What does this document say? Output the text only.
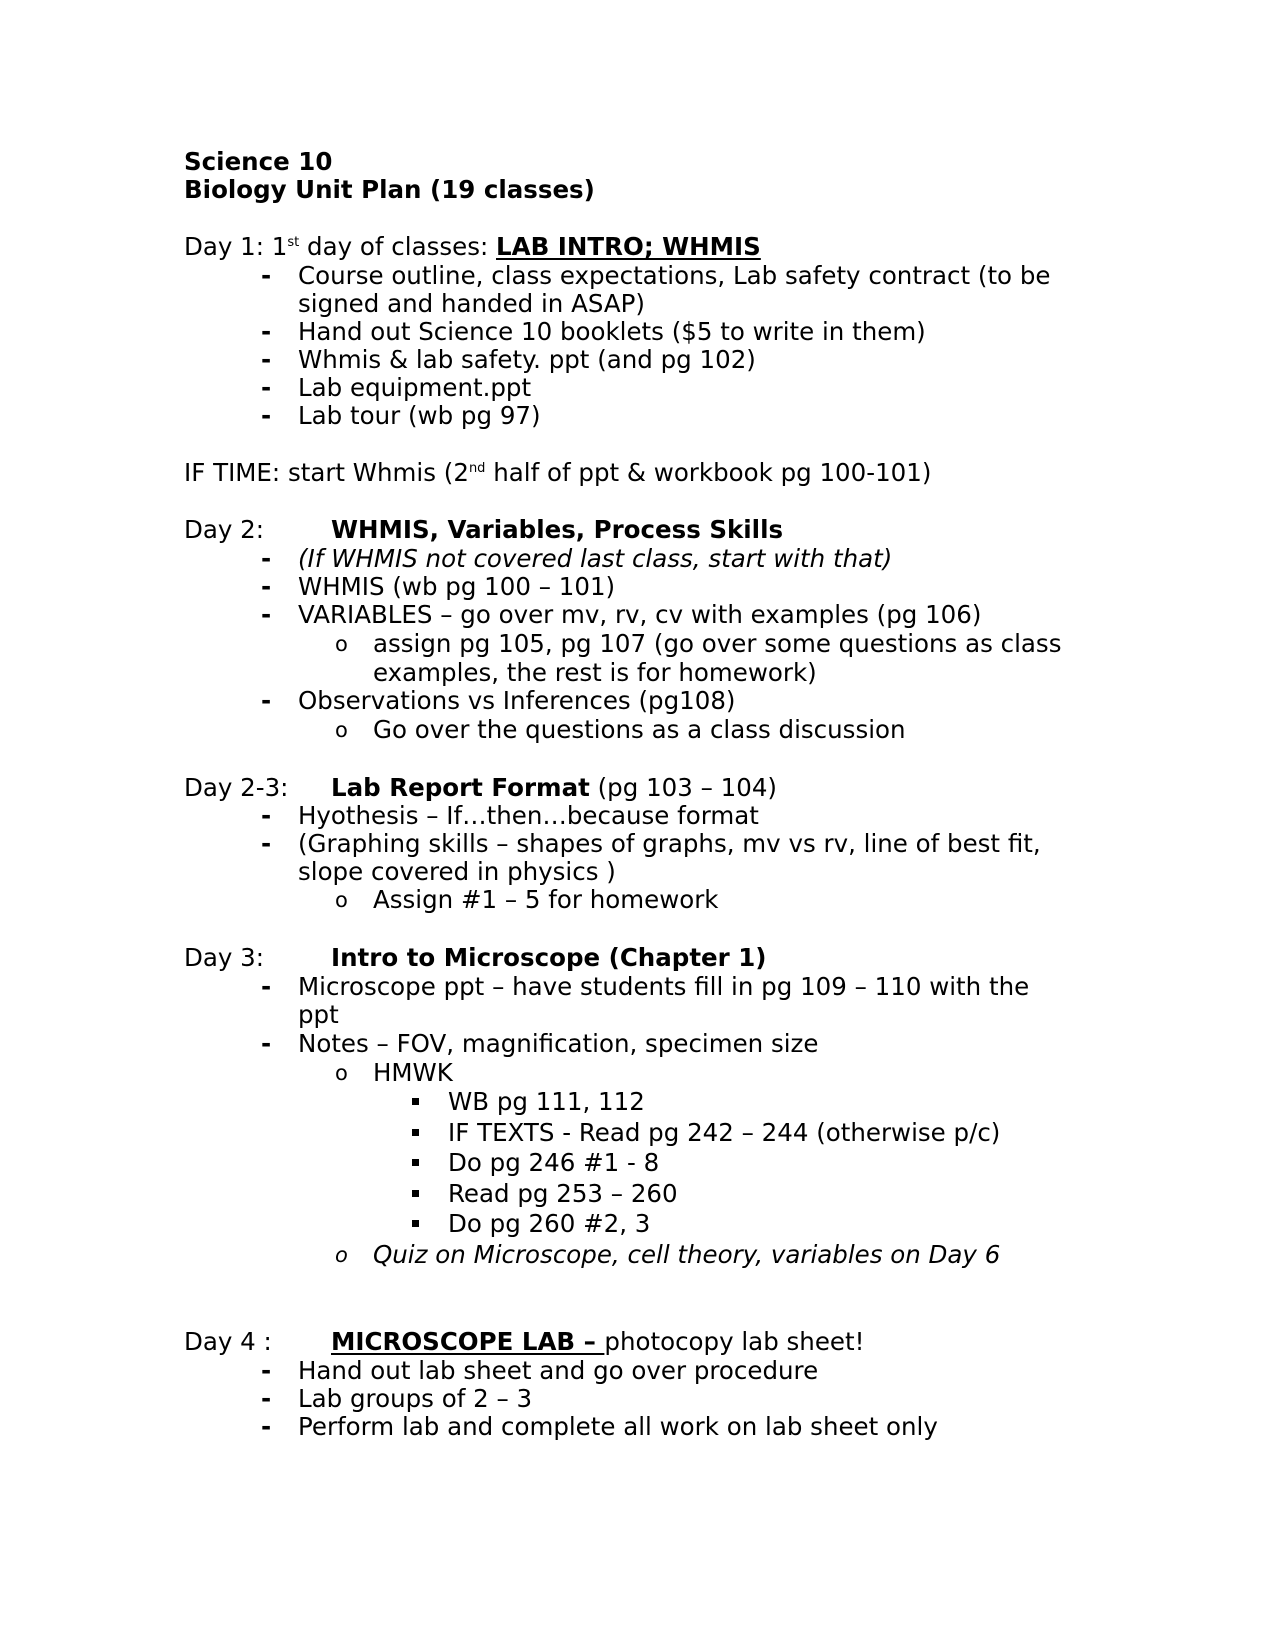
Science 10
Biology Unit Plan (19 classes)
Day 1: 1st day of classes: LAB INTRO; WHMIS
- Course outline, class expectations, Lab safety contract (to be
signed and handed in ASAP)
- Hand out Science 10 booklets ($5 to write in them)
- Whmis & lab safety. ppt (and pg 102)
- Lab equipment.ppt
- Lab tour (wb pg 97)
IF TIME: start Whmis (2nd half of ppt & workbook pg 100-101)
Day 2:	WHMIS, Variables, Process Skills
- (If WHMIS not covered last class, start with that)
- WHMIS (wb pg 100 – 101)
- VARIABLES – go over mv, rv, cv with examples (pg 106)
o assign pg 105, pg 107 (go over some questions as class
examples, the rest is for homework)
- Observations vs Inferences (pg108)
o Go over the questions as a class discussion
Day 2-3: Lab Report Format (pg 103 – 104)
- Hyothesis – If…then…because format
- (Graphing skills – shapes of graphs, mv vs rv, line of best fit,
slope covered in physics )
o Assign #1 – 5 for homework
Day 3:	Intro to Microscope (Chapter 1)
- Microscope ppt – have students fill in pg 109 – 110 with the
ppt
- Notes – FOV, magnification, specimen size
o HMWK
WB pg 111, 112
IF TEXTS - Read pg 242 – 244 (otherwise p/c)
Do pg 246 #1 - 8
Read pg 253 – 260
Do pg 260 #2, 3
o Quiz on Microscope, cell theory, variables on Day 6
Day 4 : MICROSCOPE LAB – photocopy lab sheet!
- Hand out lab sheet and go over procedure
- Lab groups of 2 – 3
- Perform lab and complete all work on lab sheet only
